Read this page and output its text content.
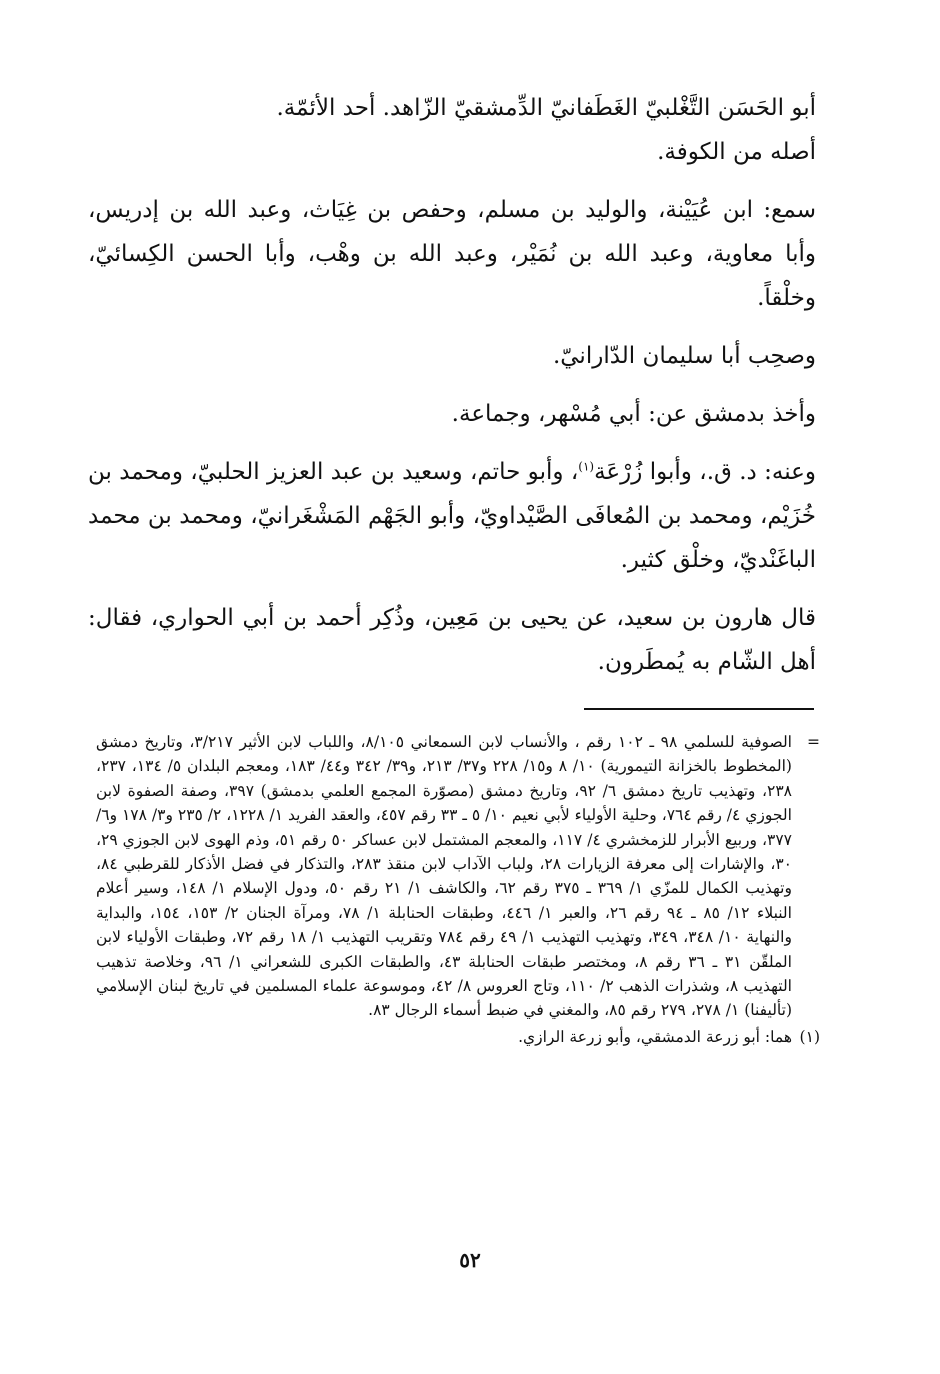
أبو الحَسَن التَّغْلبيّ الغَطَفانيّ الدِّمشقيّ الزّاهد. أحد الأئمّة.

أصله من الكوفة.

سمع: ابن عُيَيْنة، والوليد بن مسلم، وحفص بن غِيَاث، وعبد الله بن إدريس، وأبا معاوية، وعبد الله بن نُمَيْر، وعبد الله بن وهْب، وأبا الحسن الكِسائيّ، وخلْقاً.

وصحِب أبا سليمان الدّارانيّ.

وأخذ بدمشق عن: أبي مُسْهر، وجماعة.

وعنه: د. ق.، وأبوا زُرْعَة$^{(١)}$، وأبو حاتم، وسعيد بن عبد العزيز الحلبيّ، ومحمد بن خُزَيْم، ومحمد بن المُعافَى الصَّيْداويّ، وأبو الجَهْم المَشْغَرانيّ، ومحمد بن محمد الباغَنْديّ، وخلْق كثير.

قال هارون بن سعيد، عن يحيى بن مَعِين، وذُكِر أحمد بن أبي الحواري، فقال: أهل الشّام به يُمطَرون.

=
الصوفية للسلمي ٩٨ ـ ١٠٢ رقم ، والأنساب لابن السمعاني ٨/١٠٥، واللباب لابن الأثير ٣/٢١٧، وتاريخ دمشق (المخطوط بالخزانة التيمورية) ١٠/ ٨ و١٥/ ٢٢٨ و٣٧/ ٢١٣، و٣٩/ ٣٤٢ و٤٤/ ١٨٣، ومعجم البلدان ٥/ ١٣٤، ٢٣٧، ٢٣٨، وتهذيب تاريخ دمشق ٦/ ٩٢، وتاريخ دمشق (مصوّرة المجمع العلمي بدمشق) ٣٩٧، وصفة الصفوة لابن الجوزي ٤/ رقم ٧٦٤، وحلية الأولياء لأبي نعيم ١٠/ ٥ ـ ٣٣ رقم ٤٥٧، والعقد الفريد ١/ ١٢٢٨، ٢/ ٢٣٥ و٣/ ١٧٨ و٦/ ٣٧٧، وربيع الأبرار للزمخشري ٤/ ١١٧، والمعجم المشتمل لابن عساكر ٥٠ رقم ٥١، وذم الهوى لابن الجوزي ٢٩، ٣٠، والإشارات إلى معرفة الزيارات ٢٨، ولباب الآداب لابن منقذ ٢٨٣، والتذكار في فضل الأذكار للقرطبي ٨٤، وتهذيب الكمال للمزّي ١/ ٣٦٩ ـ ٣٧٥ رقم ٦٢، والكاشف ١/ ٢١ رقم ٥٠، ودول الإسلام ١/ ١٤٨، وسير أعلام النبلاء ١٢/ ٨٥ ـ ٩٤ رقم ٢٦، والعبر ١/ ٤٤٦، وطبقات الحنابلة ١/ ٧٨، ومرآة الجنان ٢/ ١٥٣، ١٥٤، والبداية والنهاية ١٠/ ٣٤٨، ٣٤٩، وتهذيب التهذيب ١/ ٤٩ رقم ٧٨٤ وتقريب التهذيب ١/ ١٨ رقم ٧٢، وطبقات الأولياء لابن الملقّن ٣١ ـ ٣٦ رقم ٨، ومختصر طبقات الحنابلة ٤٣، والطبقات الكبرى للشعراني ١/ ٩٦، وخلاصة تذهيب التهذيب ٨، وشذرات الذهب ٢/ ١١٠، وتاج العروس ٨/ ٤٢، وموسوعة علماء المسلمين في تاريخ لبنان الإسلامي (تأليفنا) ١/ ٢٧٨، ٢٧٩ رقم ٨٥، والمغني في ضبط أسماء الرجال ٨٣.
(١)
هما: أبو زرعة الدمشقي، وأبو زرعة الرازي.
٥٢
